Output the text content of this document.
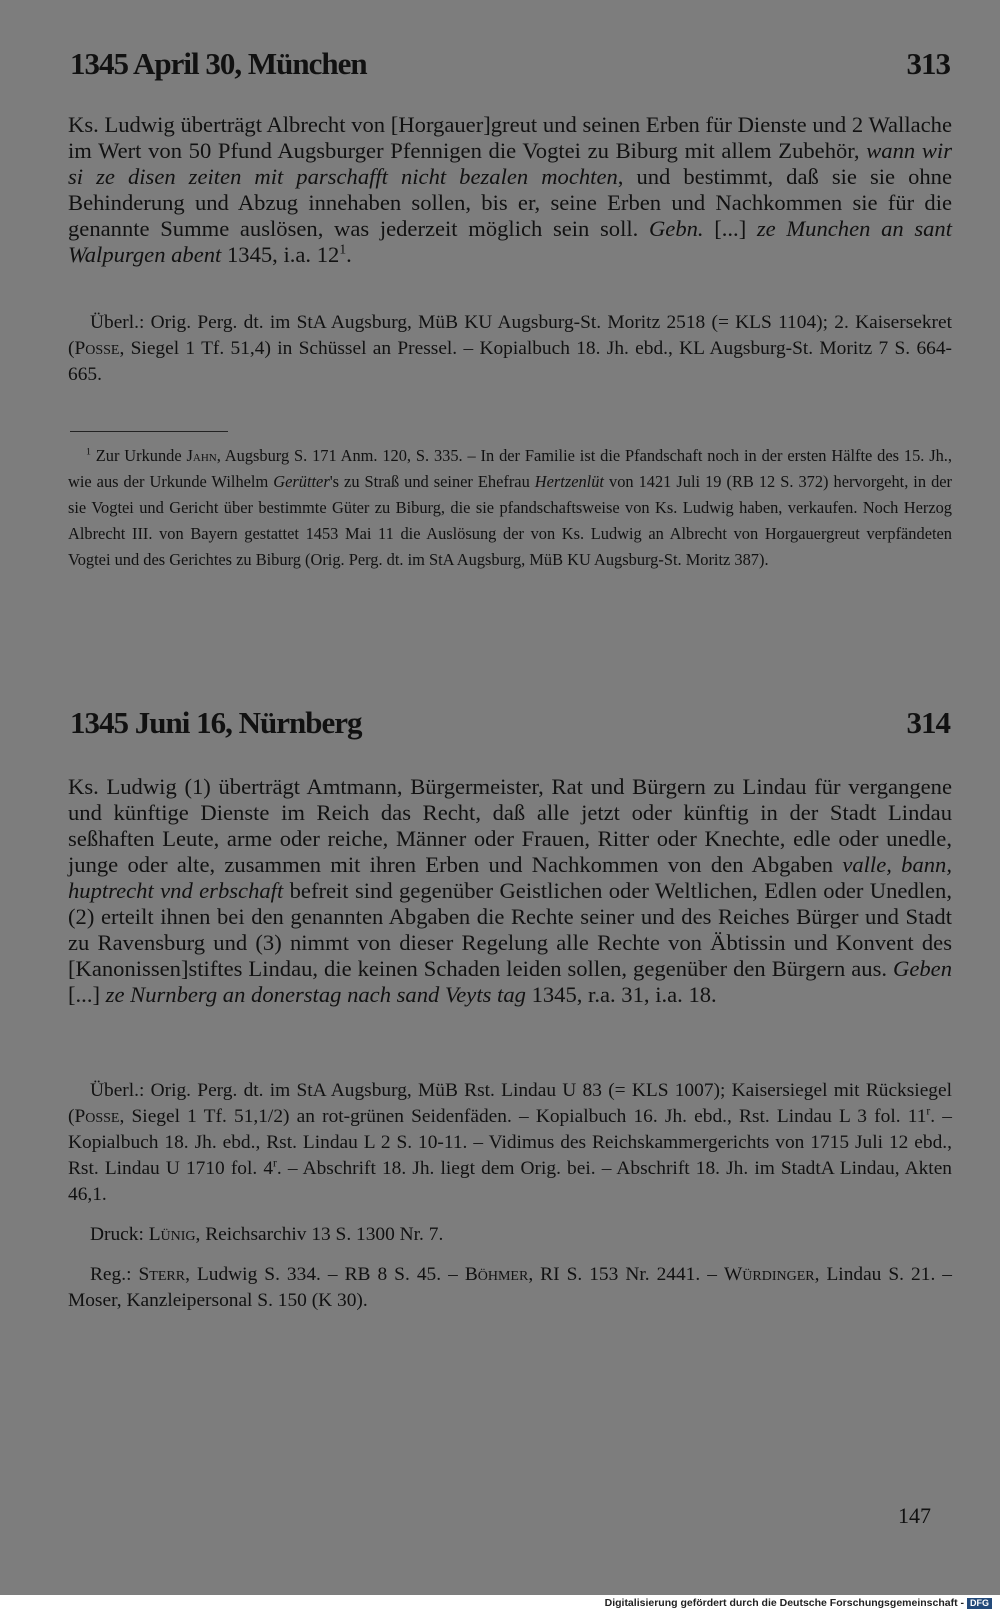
1345 April 30, München	313
Ks. Ludwig überträgt Albrecht von [Horgauer]greut und seinen Erben für Dienste und 2 Wallache im Wert von 50 Pfund Augsburger Pfennigen die Vogtei zu Biburg mit allem Zubehör, wann wir si ze disen zeiten mit parschafft nicht bezalen mochten, und bestimmt, daß sie sie ohne Behinderung und Abzug innehaben sollen, bis er, seine Erben und Nachkommen sie für die genannte Summe auslösen, was jederzeit möglich sein soll. Gebn. [...] ze Munchen an sant Walpurgen abent 1345, i.a. $12^1$.

Überl.: Orig. Perg. dt. im StA Augsburg, MüB KU Augsburg-St. Moritz 2518 (= KLS 1104); 2. Kaisersekret (Posse, Siegel 1 Tf. 51,4) in Schüssel an Pressel. – Kopialbuch 18. Jh. ebd., KL Augsburg-St. Moritz 7 S. 664-665.

$^1$ Zur Urkunde Jahn, Augsburg S. 171 Anm. 120, S. 335. – In der Familie ist die Pfandschaft noch in der ersten Hälfte des 15. Jh., wie aus der Urkunde Wilhelm Gerütter's zu Straß und seiner Ehefrau Hertzenlüt von 1421 Juli 19 (RB 12 S. 372) hervorgeht, in der sie Vogtei und Gericht über bestimmte Güter zu Biburg, die sie pfandschaftsweise von Ks. Ludwig haben, verkaufen. Noch Herzog Albrecht III. von Bayern gestattet 1453 Mai 11 die Auslösung der von Ks. Ludwig an Albrecht von Horgauergreut verpfändeten Vogtei und des Gerichtes zu Biburg (Orig. Perg. dt. im StA Augsburg, MüB KU Augsburg-St. Moritz 387).
1345 Juni 16, Nürnberg	314
Ks. Ludwig (1) überträgt Amtmann, Bürgermeister, Rat und Bürgern zu Lindau für vergangene und künftige Dienste im Reich das Recht, daß alle jetzt oder künftig in der Stadt Lindau seßhaften Leute, arme oder reiche, Männer oder Frauen, Ritter oder Knechte, edle oder unedle, junge oder alte, zusammen mit ihren Erben und Nachkommen von den Abgaben valle, bann, huptrecht vnd erbschaft befreit sind gegenüber Geistlichen oder Weltlichen, Edlen oder Unedlen, (2) erteilt ihnen bei den genannten Abgaben die Rechte seiner und des Reiches Bürger und Stadt zu Ravensburg und (3) nimmt von dieser Regelung alle Rechte von Äbtissin und Konvent des [Kanonissen]stiftes Lindau, die keinen Schaden leiden sollen, gegenüber den Bürgern aus. Geben [...] ze Nurnberg an donerstag nach sand Veyts tag 1345, r.a. 31, i.a. 18.

Überl.: Orig. Perg. dt. im StA Augsburg, MüB Rst. Lindau U 83 (= KLS 1007); Kaisersiegel mit Rücksiegel (Posse, Siegel 1 Tf. 51,1/2) an rot-grünen Seidenfäden. – Kopialbuch 16. Jh. ebd., Rst. Lindau L 3 fol. 11$^r$. – Kopialbuch 18. Jh. ebd., Rst. Lindau L 2 S. 10-11. – Vidimus des Reichskammergerichts von 1715 Juli 12 ebd., Rst. Lindau U 1710 fol. 4$^r$. – Abschrift 18. Jh. liegt dem Orig. bei. – Abschrift 18. Jh. im StadtA Lindau, Akten 46,1.

Druck: Lünig, Reichsarchiv 13 S. 1300 Nr. 7.

Reg.: Sterr, Ludwig S. 334. – RB 8 S. 45. – Böhmer, RI S. 153 Nr. 2441. – Würdinger, Lindau S. 21. – Moser, Kanzleipersonal S. 150 (K 30).

147
Digitalisierung gefördert durch die Deutsche Forschungsgemeinschaft - DFG
